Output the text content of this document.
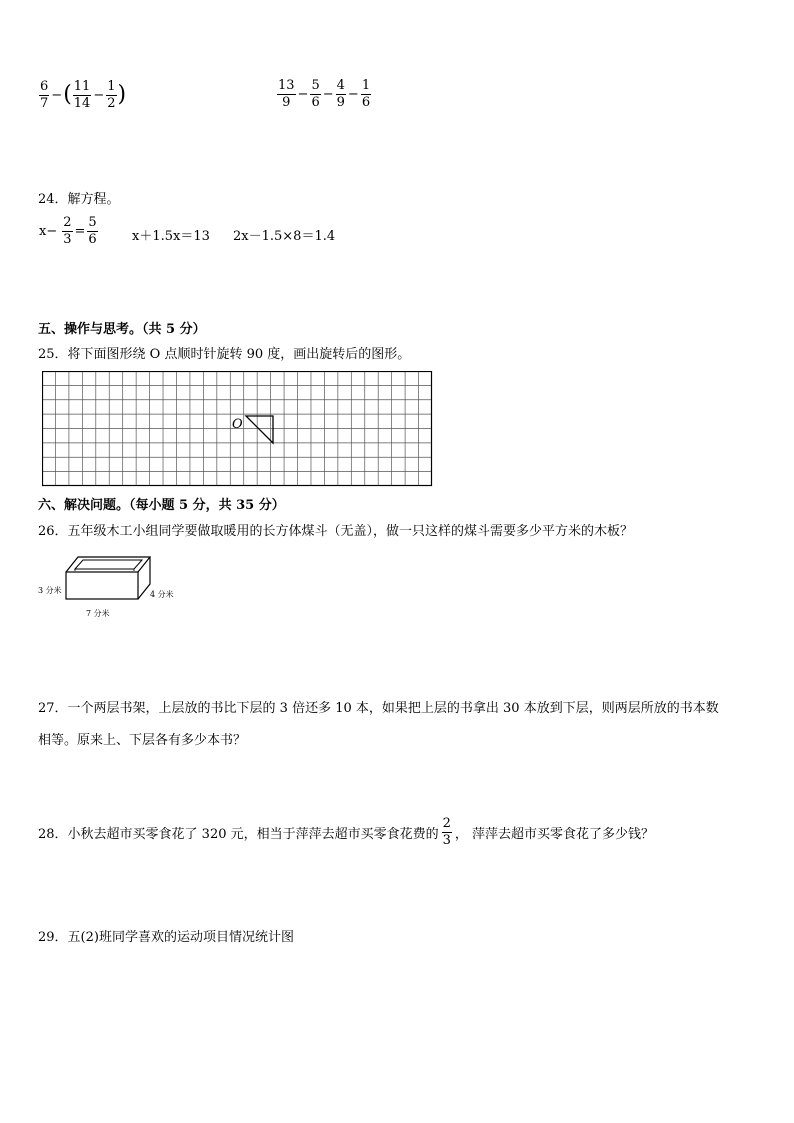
$\frac{6}{7}$ − ( $\frac{11}{14} - \frac{1}{2}$ )	$\frac{13}{9} - \frac{5}{6} - \frac{4}{9} - \frac{1}{6}$
24．解方程。
$x- \frac{2}{3} = \frac{5}{6}$	x＋1.5x＝13 2x－1.5×8＝1.4
五、操作与思考。（共 5 分）
25．将下面图形绕 O 点顺时针旋转 90 度，画出旋转后的图形。
O
六、解决问题。（每小题 5 分，共 35 分）
26．五年级木工小组同学要做取暖用的长方体煤斗（无盖），做一只这样的煤斗需要多少平方米的木板？
3 分米	4 分米
7 分米
27．一个两层书架，上层放的书比下层的 3 倍还多 10 本，如果把上层的书拿出 30 本放到下层，则两层所放的书本数
相等。原来上、下层各有多少本书？
28．小秋去超市买零食花了 320 元，相当于萍萍去超市买零食花费的 $\frac{2}{3}$ ， 萍萍去超市买零食花了多少钱？
29．五(2)班同学喜欢的运动项目情况统计图
